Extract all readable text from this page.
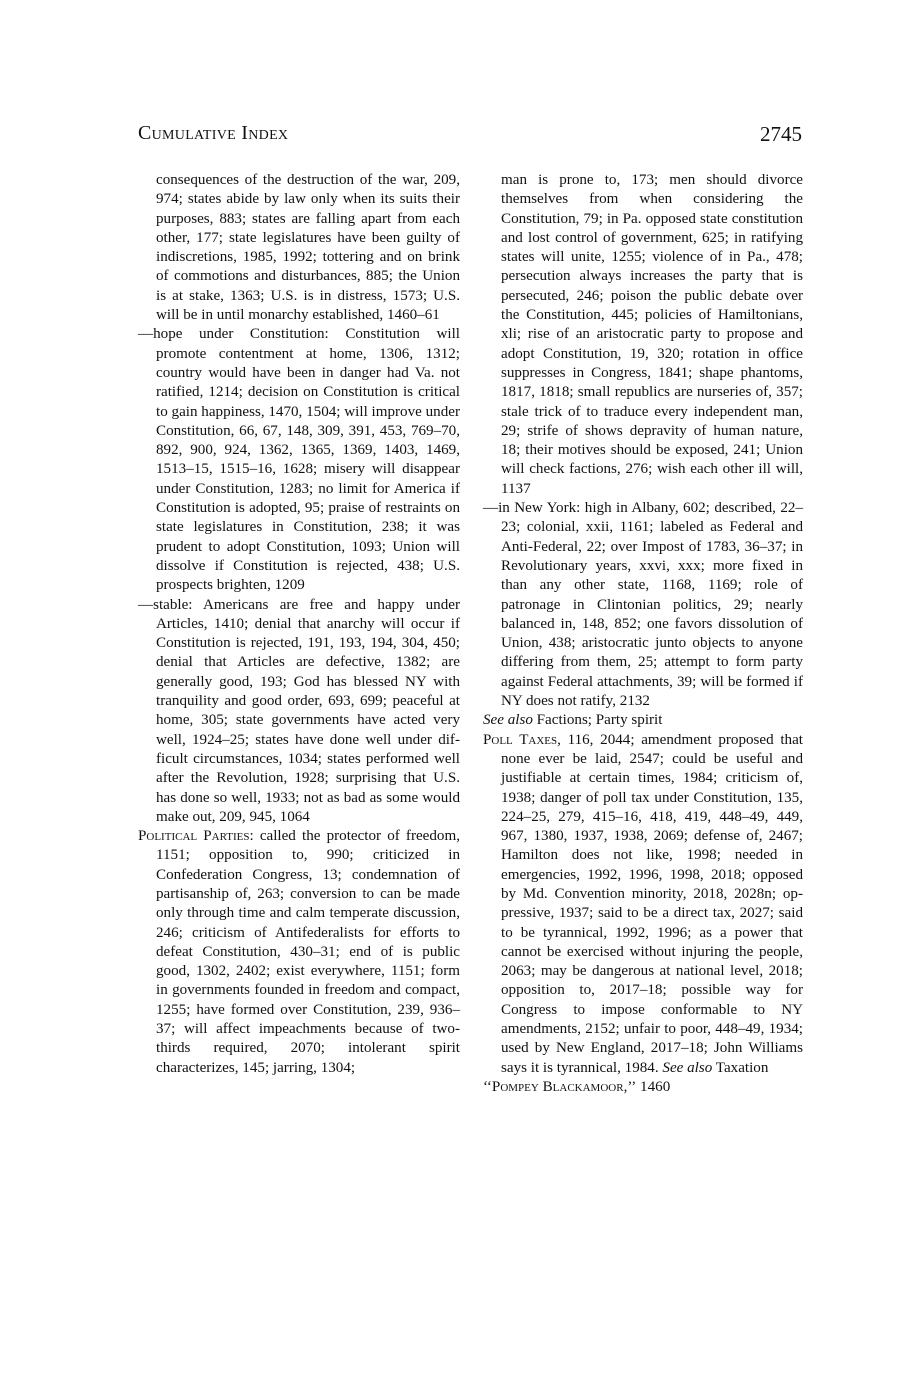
Cumulative Index	2745

consequences of the destruction of the war, 209, 974; states abide by law only when its suits their purposes, 883; states are falling apart from each other, 177; state legislatures have been guilty of indiscretions, 1985, 1992; tottering and on brink of commotions and disturbances, 885; the Union is at stake, 1363; U.S. is in distress, 1573; U.S. will be in until monarchy established, 1460–61

—hope under Constitution: Constitution will promote contentment at home, 1306, 1312; country would have been in danger had Va. not ratified, 1214; decision on Constitution is critical to gain happiness, 1470, 1504; will improve under Constitution, 66, 67, 148, 309, 391, 453, 769–70, 892, 900, 924, 1362, 1365, 1369, 1403, 1469, 1513–15, 1515–16, 1628; misery will disappear under Constitution, 1283; no limit for America if Constitution is adopted, 95; praise of restraints on state legislatures in Constitution, 238; it was prudent to adopt Constitution, 1093; Union will dissolve if Constitution is rejected, 438; U.S. prospects brighten, 1209

—stable: Americans are free and happy under Articles, 1410; denial that anarchy will occur if Constitution is rejected, 191, 193, 194, 304, 450; denial that Articles are defective, 1382; are generally good, 193; God has blessed NY with tranquility and good order, 693, 699; peaceful at home, 305; state governments have acted very well, 1924–25; states have done well under difficult circumstances, 1034; states performed well after the Revolution, 1928; surprising that U.S. has done so well, 1933; not as bad as some would make out, 209, 945, 1064

Political Parties: called the protector of freedom, 1151; opposition to, 990; criticized in Confederation Congress, 13; condemnation of partisanship of, 263; conversion to can be made only through time and calm temperate discussion, 246; criticism of Antifederalists for efforts to defeat Constitution, 430–31; end of is public good, 1302, 2402; exist everywhere, 1151; form in governments founded in freedom and compact, 1255; have formed over Constitution, 239, 936–37; will affect impeachments because of two-thirds required, 2070; intolerant spirit characterizes, 145; jarring, 1304;

man is prone to, 173; men should divorce themselves from when considering the Constitution, 79; in Pa. opposed state constitution and lost control of government, 625; in ratifying states will unite, 1255; violence of in Pa., 478; persecution always increases the party that is persecuted, 246; poison the public debate over the Constitution, 445; policies of Hamiltonians, xli; rise of an aristocratic party to propose and adopt Constitution, 19, 320; rotation in office suppresses in Congress, 1841; shape phantoms, 1817, 1818; small republics are nurseries of, 357; stale trick of to traduce every independent man, 29; strife of shows depravity of human nature, 18; their motives should be exposed, 241; Union will check factions, 276; wish each other ill will, 1137

—in New York: high in Albany, 602; described, 22–23; colonial, xxii, 1161; labeled as Federal and Anti-Federal, 22; over Impost of 1783, 36–37; in Revolutionary years, xxvi, xxx; more fixed in than any other state, 1168, 1169; role of patronage in Clintonian politics, 29; nearly balanced in, 148, 852; one favors dissolution of Union, 438; aristocratic junto objects to anyone differing from them, 25; attempt to form party against Federal attachments, 39; will be formed if NY does not ratify, 2132

See also Factions; Party spirit

Poll Taxes, 116, 2044; amendment proposed that none ever be laid, 2547; could be useful and justifiable at certain times, 1984; criticism of, 1938; danger of poll tax under Constitution, 135, 224–25, 279, 415–16, 418, 419, 448–49, 449, 967, 1380, 1937, 1938, 2069; defense of, 2467; Hamilton does not like, 1998; needed in emergencies, 1992, 1996, 1998, 2018; opposed by Md. Convention minority, 2018, 2028n; oppressive, 1937; said to be a direct tax, 2027; said to be tyrannical, 1992, 1996; as a power that cannot be exercised without injuring the people, 2063; may be dangerous at national level, 2018; opposition to, 2017–18; possible way for Congress to impose conformable to NY amendments, 2152; unfair to poor, 448–49, 1934; used by New England, 2017–18; John Williams says it is tyrannical, 1984. See also Taxation

‘‘Pompey Blackamoor,’’ 1460
